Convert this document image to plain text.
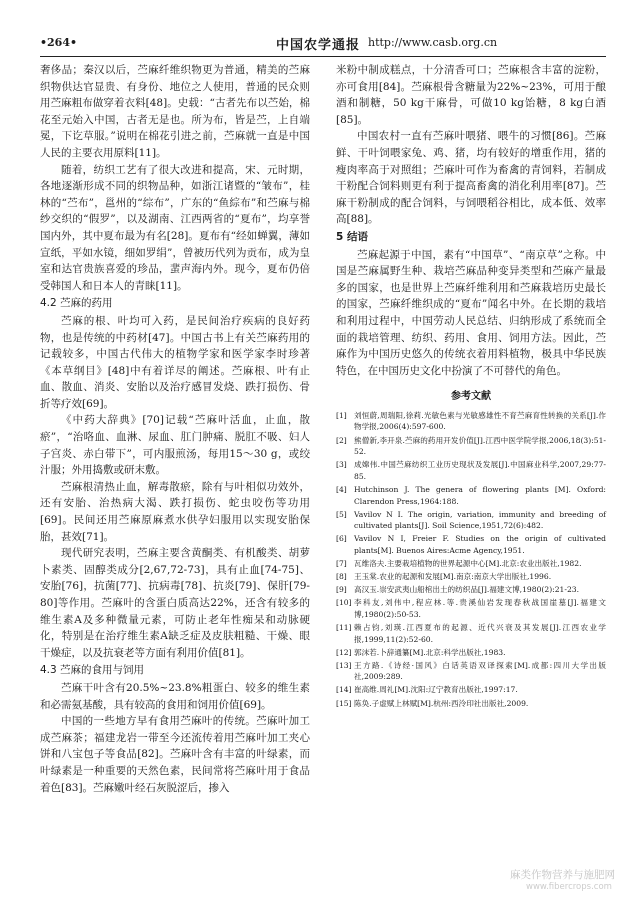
•264•	中国农学通报 http://www.casb.org.cn

奢侈品；秦汉以后，苎麻纤维织物更为普通，精美的苎麻织物供达官显贵、有身份、地位之人使用，普通的民众则用苎麻粗布做穿着衣料[48]。史载：“古者先布以苎始，棉花至元始入中国，古者无是也。所为布，皆是苎，上自端冕，下讫草服。”说明在棉花引进之前，苎麻就一直是中国人民的主要衣用原料[11]。

随着，纺织工艺有了很大改进和提高，宋、元时期，各地逐渐形成不同的织物品种，如浙江诸暨的“皱布”，桂林的“苎布”，邕州的“综布”，广东的“鱼綜布”和苎麻与棉纱交织的“假罗”，以及湖南、江西两省的“夏布”，均享誉国内外，其中夏布最为有名[28]。夏布有“经如蝉翼，薄如宣纸，平如水镜，细如罗绢”，曾被历代列为贡布，成为皇室和达官贵族喜爱的珍品，蜚声海内外。现今，夏布仍倍受韩国人和日本人的青睐[11]。

4.2 苎麻的药用

苎麻的根、叶均可入药，是民间治疗疾病的良好药物，也是传统的中药材[47]。中国古书上有关苎麻药用的记载较多，中国古代伟大的植物学家和医学家李时珍著《本草纲目》[48]中有着详尽的阐述。苎麻根、叶有止血、散血、消炎、安胎以及治疗感冒发烧、跌打损伤、骨折等疗效[69]。

《中药大辞典》[70]记载“苎麻叶活血，止血，散瘀”，“治咯血、血淋、尿血、肛门肿痛、脱肛不吸、妇人子宫炎、赤白带下”，可内服煎汤，每用15～30 g，或绞汁服；外用捣敷或研末敷。

苎麻根清热止血，解毒散瘀，除有与叶相似功效外，还有安胎、治热病大渴、跌打损伤、蛇虫咬伤等功用[69]。民间还用苎麻原麻煮水供孕妇服用以实现安胎保胎，甚效[71]。

现代研究表明，苎麻主要含黄酮类、有机酸类、胡萝卜素类、固醇类成分[2,67,72-73]，具有止血[74-75]、安胎[76]，抗菌[77]、抗病毒[78]、抗炎[79]、保肝[79-80]等作用。苎麻叶的含蛋白质高达22%，还含有较多的维生素A及多种微量元素，可防止老年性痴呆和动脉硬化，特别是在治疗维生素A缺乏症及皮肤粗糙、干燥、眼干燥症，以及抗衰老等方面有利用价值[81]。

4.3 苎麻的食用与饲用

苎麻干叶含有20.5%~23.8%粗蛋白、较多的维生素和必需氨基酸，具有较高的食用和饲用价值[69]。

中国的一些地方早有食用苎麻叶的传统。苎麻叶加工成苎麻茶；福建龙岩一带至今还流传着用苎麻叶加工夹心饼和八宝包子等食品[82]。苎麻叶含有丰富的叶绿素，而叶绿素是一种重要的天然色素，民间常将苎麻叶用于食品着色[83]。苎麻嫩叶经石灰脱涩后，掺入

米粉中制成糕点，十分清香可口；苎麻根含丰富的淀粉，亦可食用[84]。苎麻根骨含糖量为22%~23%，可用于酿酒和制糖，50 kg干麻骨，可做10 kg饴糖，8 kg白酒[85]。

中国农村一直有苎麻叶喂猪、喂牛的习惯[86]。苎麻鲜、干叶饲喂家兔、鸡、猪，均有较好的增重作用，猪的瘦肉率高于对照组；苎麻叶可作为畜禽的青饲料，若制成干粉配合饲料则更有利于提高畜禽的消化利用率[87]。苎麻干粉制成的配合饲料，与饲喂稻谷相比，成本低、效率高[88]。

5 结语

苎麻起源于中国，素有“中国草”、“南京草”之称。中国是苎麻属野生种、栽培苎麻品种变异类型和苎麻产量最多的国家，也是世界上苎麻纤维利用和苎麻栽培历史最长的国家，苎麻纤维织成的“夏布”闻名中外。在长期的栽培和利用过程中，中国劳动人民总结、归纳形成了系统而全面的栽培管理、纺织、药用、食用、饲用方法。因此，苎麻作为中国历史悠久的传统衣着用料植物，极具中华民族特色，在中国历史文化中扮演了不可替代的角色。

参考文献
[1] 刘恒蔚,周瑞阳,徐莉.光敏色素与光敏感雄性不育苎麻育性转换的关系[J].作物学报,2006(4):597-600.
[2] 熊僧新,李开泉.苎麻的药用开发价值[J].江西中医学院学报,2006,18(3):51-52.
[3] 成嫦伟.中国苎麻纺织工业历史现状及发展[J].中国麻业科学,2007,29:77-85.
[4] Hutchinson J. The genera of flowering plants [M]. Oxford: Clarendon Press,1964:188.
[5] Vavilov N I. The origin, variation, immunity and breeding of cultivated plants[J]. Soil Science,1951,72(6):482.
[6] Vavilov N I, Freier F. Studies on the origin of cultivated plants[M]. Buenos Aires:Acme Agency,1951.
[7] 瓦维洛夫.主要栽培植物的世界起源中心[M].北京:农业出版社,1982.
[8] 王玉棠.农业的起源和发展[M].南京:南京大学出版社,1996.
[9] 高汉玉.崇安武夷山船棺出土的纺织品[J].福建文博,1980(2):21-23.
[10] 李科友,刘伟中,程应林.等.贵溪仙岩发现春秋战国崖墓[J].福建文博,1980(2):50-53.
[11] 赖占钧,刘瑛.江西夏布的起源、近代兴衰及其发展[J].江西农业学报,1999,11(2):52-60.
[12] 郭沫若.卜辞通纂[M].北京:科学出版社,1983.
[13] 王方路.《诗经·国风》白话英语双译探索[M].成都:四川大学出版社,2009:289.
[14] 崔高维.周礼[M].沈阳:辽宁教育出版社,1997:17.
[15] 陈奂.子虚赋上林赋[M].杭州:西泠印社出版社,2009.
麻类作物营养与施肥网
www.fibercrops.com
